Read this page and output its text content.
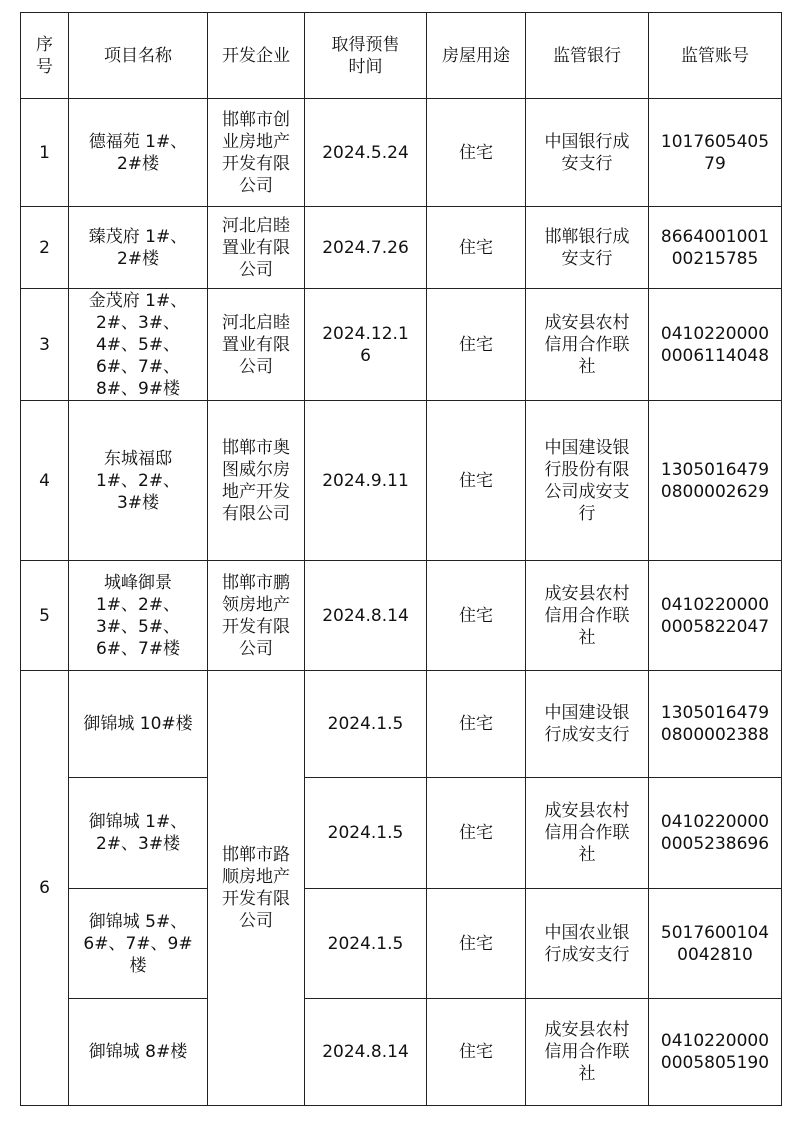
序号	项目名称	开发企业	取得预售时间	房屋用途	监管银行	监管账号
1	德福苑 1#、2#楼	邯郸市创业房地产开发有限公司	2024.5.24	住宅	中国银行成安支行	101760540579
2	臻茂府 1#、2#楼	河北启睦置业有限公司	2024.7.26	住宅	邯郸银行成安支行	866400100100215785
3	金茂府 1#、2#、3#、4#、5#、6#、7#、8#、9#楼	河北启睦置业有限公司	2024.12.16	住宅	成安县农村信用合作联社	04102200000006114048
4	东城福邸 1#、2#、3#楼	邯郸市奥图威尔房地产开发有限公司	2024.9.11	住宅	中国建设银行股份有限公司成安支行	13050164790800002629
5	城峰御景 1#、2#、3#、5#、6#、7#楼	邯郸市鹏领房地产开发有限公司	2024.8.14	住宅	成安县农村信用合作联社	04102200000005822047
6	御锦城 10#楼	邯郸市路顺房地产开发有限公司	2024.1.5	住宅	中国建设银行成安支行	13050164790800002388
	御锦城 1#、2#、3#楼		2024.1.5	住宅	成安县农村信用合作联社	04102200000005238696
	御锦城 5#、6#、7#、9#楼		2024.1.5	住宅	中国农业银行成安支行	50176001040042810
	御锦城 8#楼		2024.8.14	住宅	成安县农村信用合作联社	04102200000005805190
